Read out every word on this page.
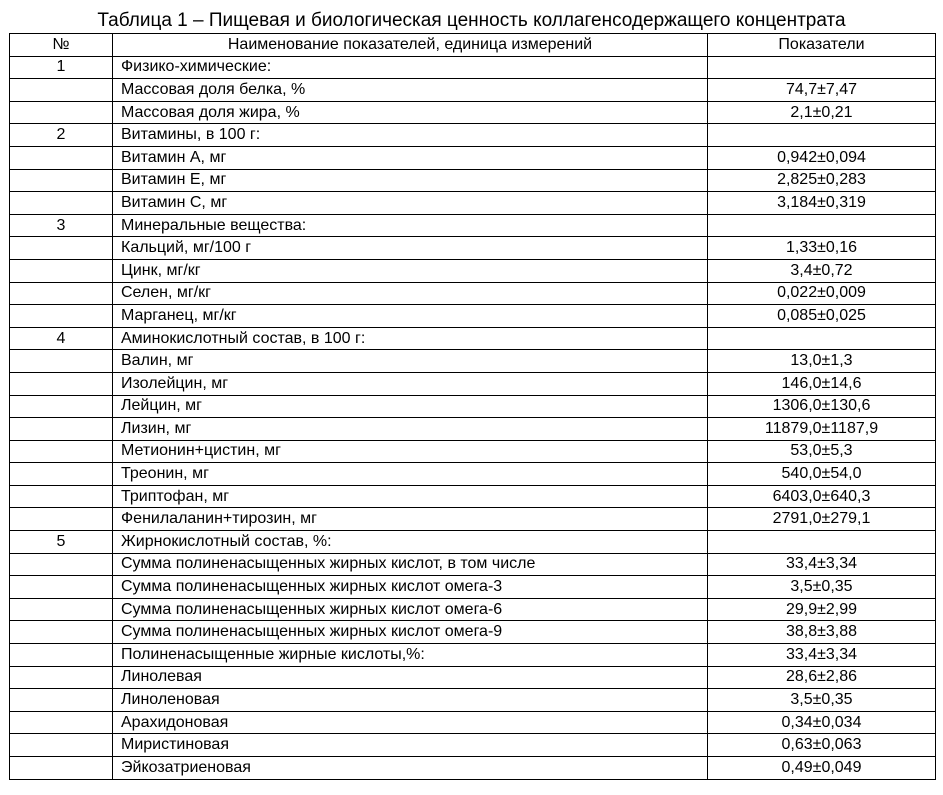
Таблица 1 – Пищевая и биологическая ценность коллагенсодержащего концентрата
№	Наименование показателей, единица измерений	Показатели
1	Физико-химические:	
	Массовая доля белка, %	74,7±7,47
	Массовая доля жира, %	2,1±0,21
2	Витамины, в 100 г:	
	Витамин А, мг	0,942±0,094
	Витамин Е, мг	2,825±0,283
	Витамин С, мг	3,184±0,319
3	Минеральные вещества:	
	Кальций, мг/100 г	1,33±0,16
	Цинк, мг/кг	3,4±0,72
	Селен, мг/кг	0,022±0,009
	Марганец, мг/кг	0,085±0,025
4	Аминокислотный состав, в 100 г:	
	Валин, мг	13,0±1,3
	Изолейцин, мг	146,0±14,6
	Лейцин, мг	1306,0±130,6
	Лизин, мг	11879,0±1187,9
	Метионин+цистин, мг	53,0±5,3
	Треонин, мг	540,0±54,0
	Триптофан, мг	6403,0±640,3
	Фенилаланин+тирозин, мг	2791,0±279,1
5	Жирнокислотный состав, %:	
	Сумма полиненасыщенных жирных кислот, в том числе	33,4±3,34
	Сумма полиненасыщенных жирных кислот омега-3	3,5±0,35
	Сумма полиненасыщенных жирных кислот омега-6	29,9±2,99
	Сумма полиненасыщенных жирных кислот омега-9	38,8±3,88
	Полиненасыщенные жирные кислоты,%:	33,4±3,34
	Линолевая	28,6±2,86
	Линоленовая	3,5±0,35
	Арахидоновая	0,34±0,034
	Миристиновая	0,63±0,063
	Эйкозатриеновая	0,49±0,049
